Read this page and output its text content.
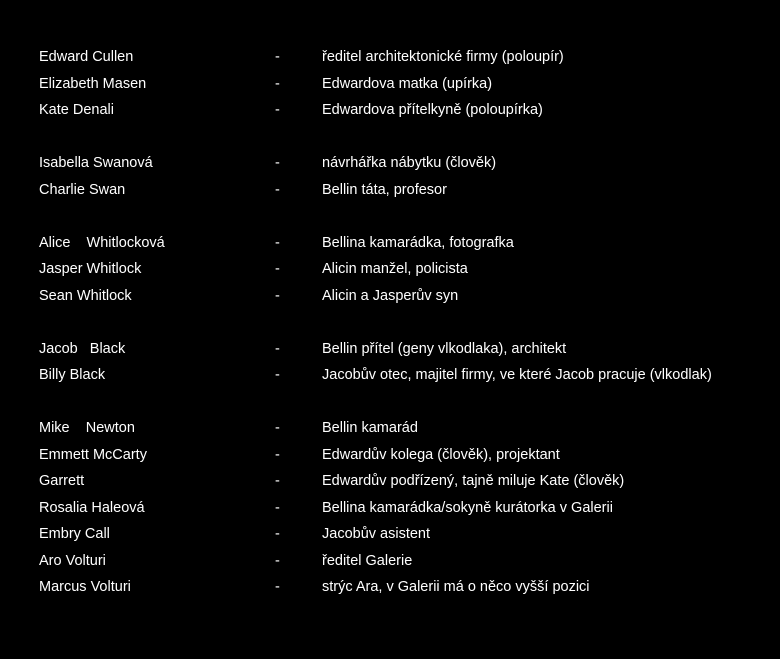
Edward Cullen	-	ředitel architektonické firmy (poloupír)
Elizabeth Masen	-	Edwardova matka (upírka)
Kate Denali	-	Edwardova přítelkyně (poloupírka)
Isabella Swanová	-	návrhářka nábytku (člověk)
Charlie Swan	-	Bellin táta, profesor
Alice    Whitlocková	-	Bellina kamarádka, fotografka
Jasper Whitlock	-	Alicin manžel, policista
Sean Whitlock	-	Alicin a Jasperův syn
Jacob   Black	-	Bellin přítel (geny vlkodlaka), architekt
Billy Black	-	Jacobův otec, majitel firmy, ve které Jacob pracuje (vlkodlak)
Mike    Newton	-	Bellin kamarád
Emmett McCarty	-	Edwardův kolega (člověk), projektant
Garrett	-	Edwardův podřízený, tajně miluje Kate (člověk)
Rosalia Haleová	-	Bellina kamarádka/sokyně kurátorka v Galerii
Embry Call	-	Jacobův asistent
Aro Volturi	-	ředitel Galerie
Marcus Volturi	-	strýc Ara, v Galerii má o něco vyšší pozici
